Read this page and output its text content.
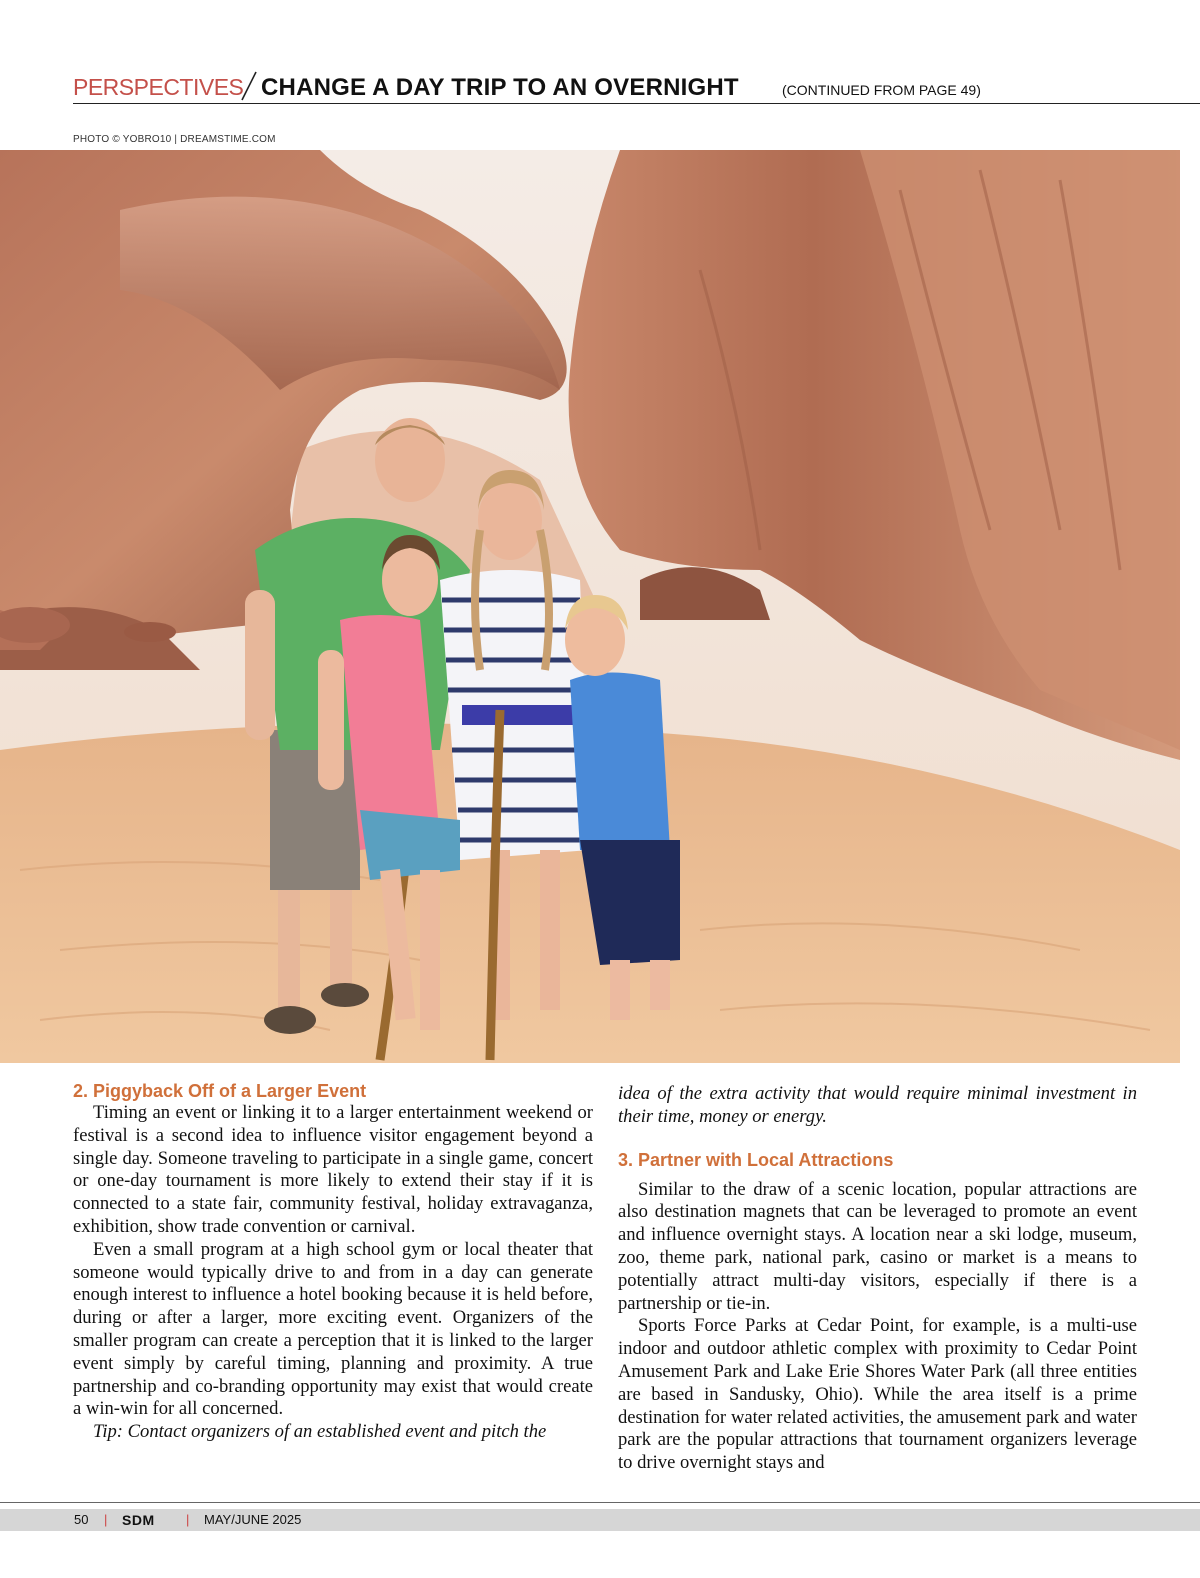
PERSPECTIVES CHANGE A DAY TRIP TO AN OVERNIGHT	(CONTINUED FROM PAGE 49)
PHOTO © YOBRO10 | DREAMSTIME.COM
2. Piggyback Off of a Larger Event

Timing an event or linking it to a larger entertainment weekend or festival is a second idea to influence visitor engagement beyond a single day. Someone traveling to participate in a single game, concert or one-day tournament is more likely to extend their stay if it is connected to a state fair, community festival, holiday extravaganza, exhibition, show trade convention or carnival.

Even a small program at a high school gym or local theater that someone would typically drive to and from in a day can generate enough interest to influence a hotel booking because it is held before, during or after a larger, more exciting event. Organizers of the smaller program can create a perception that it is linked to the larger event simply by careful timing, planning and proximity. A true partnership and co-branding opportunity may exist that would create a win-win for all concerned.

Tip: Contact organizers of an established event and pitch the

idea of the extra activity that would require minimal investment in their time, money or energy.

3. Partner with Local Attractions

Similar to the draw of a scenic location, popular attractions are also destination magnets that can be leveraged to promote an event and influence overnight stays. A location near a ski lodge, museum, zoo, theme park, national park, casino or market is a means to potentially attract multi-day visitors, especially if there is a partnership or tie-in.

Sports Force Parks at Cedar Point, for example, is a multi-use indoor and outdoor athletic complex with proximity to Cedar Point Amusement Park and Lake Erie Shores Water Park (all three entities are based in Sandusky, Ohio). While the area itself is a prime destination for water related activities, the amusement park and water park are the popular attractions that tournament organizers leverage to drive overnight stays and

50 | SDM | MAY/JUNE 2025
